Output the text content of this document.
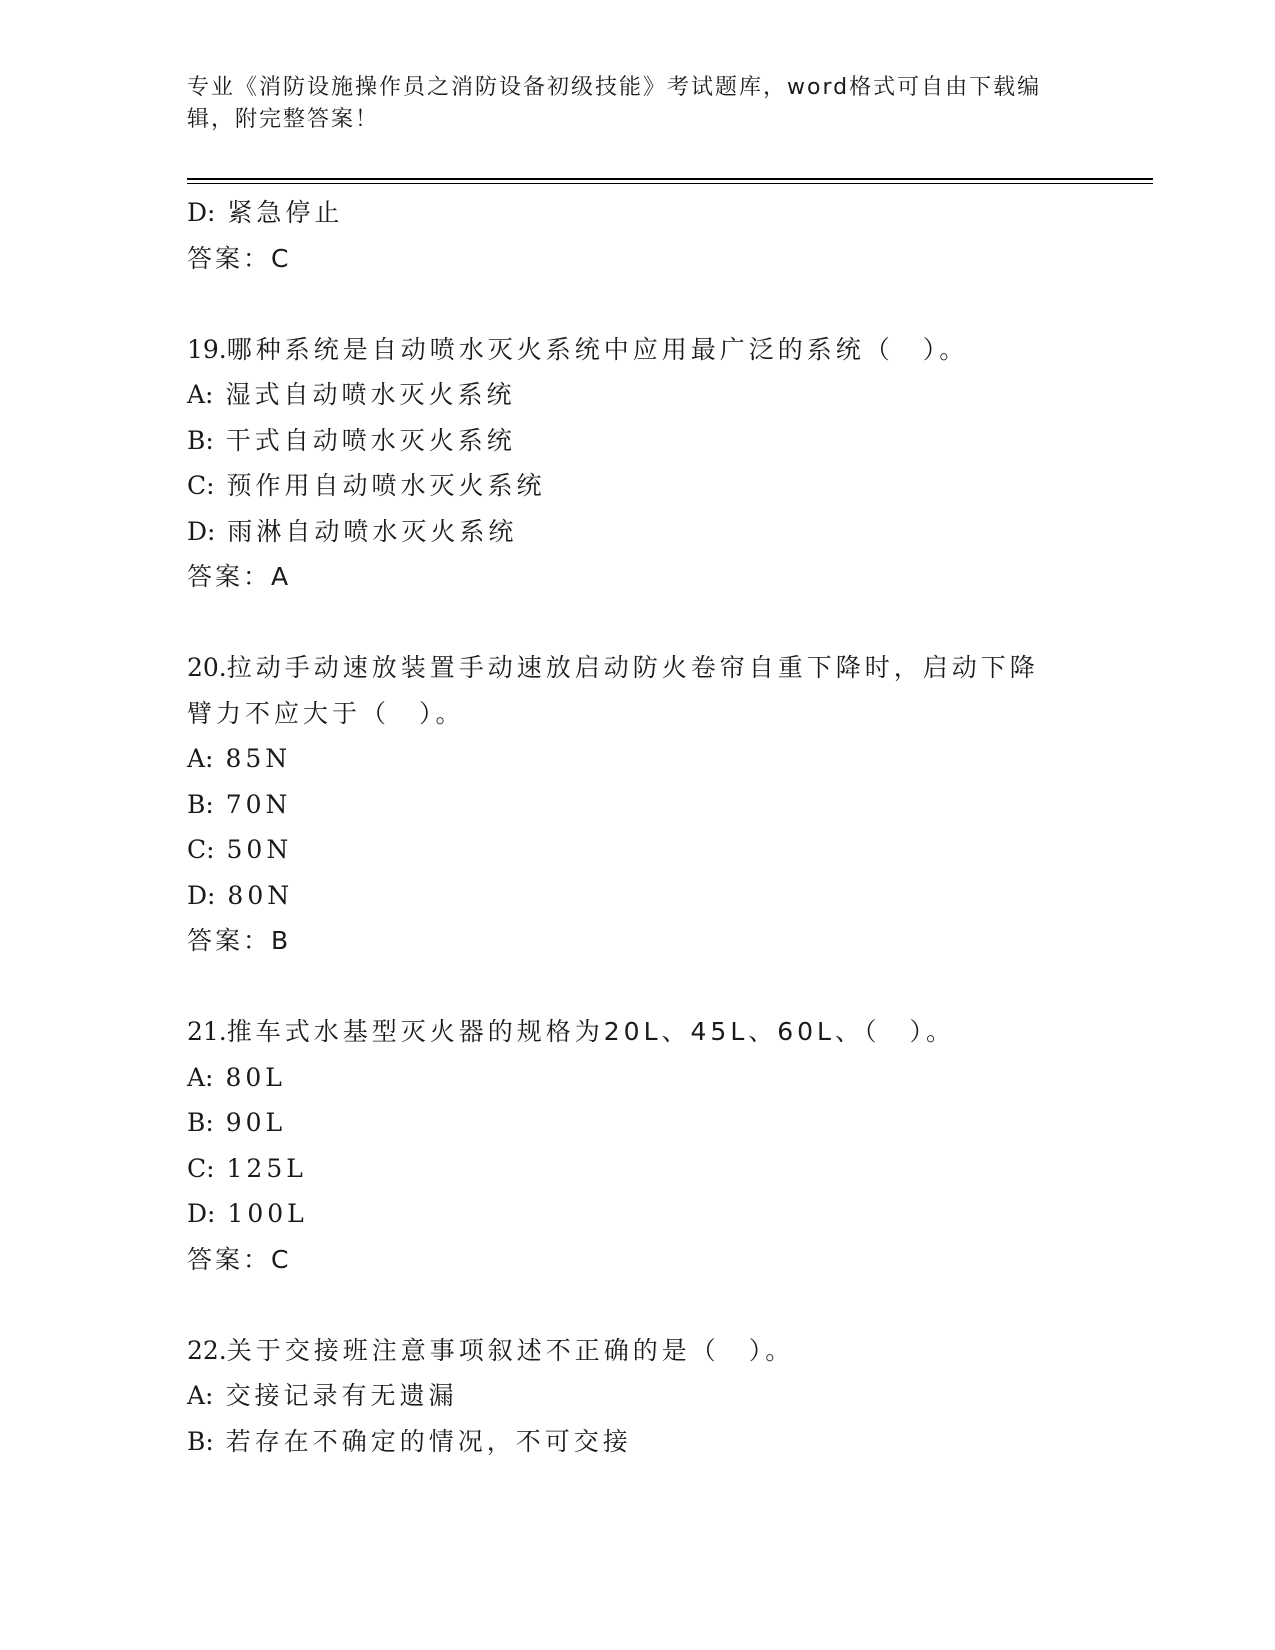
专业《消防设施操作员之消防设备初级技能》考试题库，word格式可自由下载编辑，附完整答案！
D: 紧急停止
答案：C
19.哪种系统是自动喷水灭火系统中应用最广泛的系统（　）。
A: 湿式自动喷水灭火系统
B: 干式自动喷水灭火系统
C: 预作用自动喷水灭火系统
D: 雨淋自动喷水灭火系统
答案：A
20.拉动手动速放装置手动速放启动防火卷帘自重下降时，启动下降臂力不应大于（　）。
A: 85N
B: 70N
C: 50N
D: 80N
答案：B
21.推车式水基型灭火器的规格为20L、45L、60L、（　）。
A: 80L
B: 90L
C: 125L
D: 100L
答案：C
22.关于交接班注意事项叙述不正确的是（　）。
A: 交接记录有无遗漏
B: 若存在不确定的情况，不可交接
